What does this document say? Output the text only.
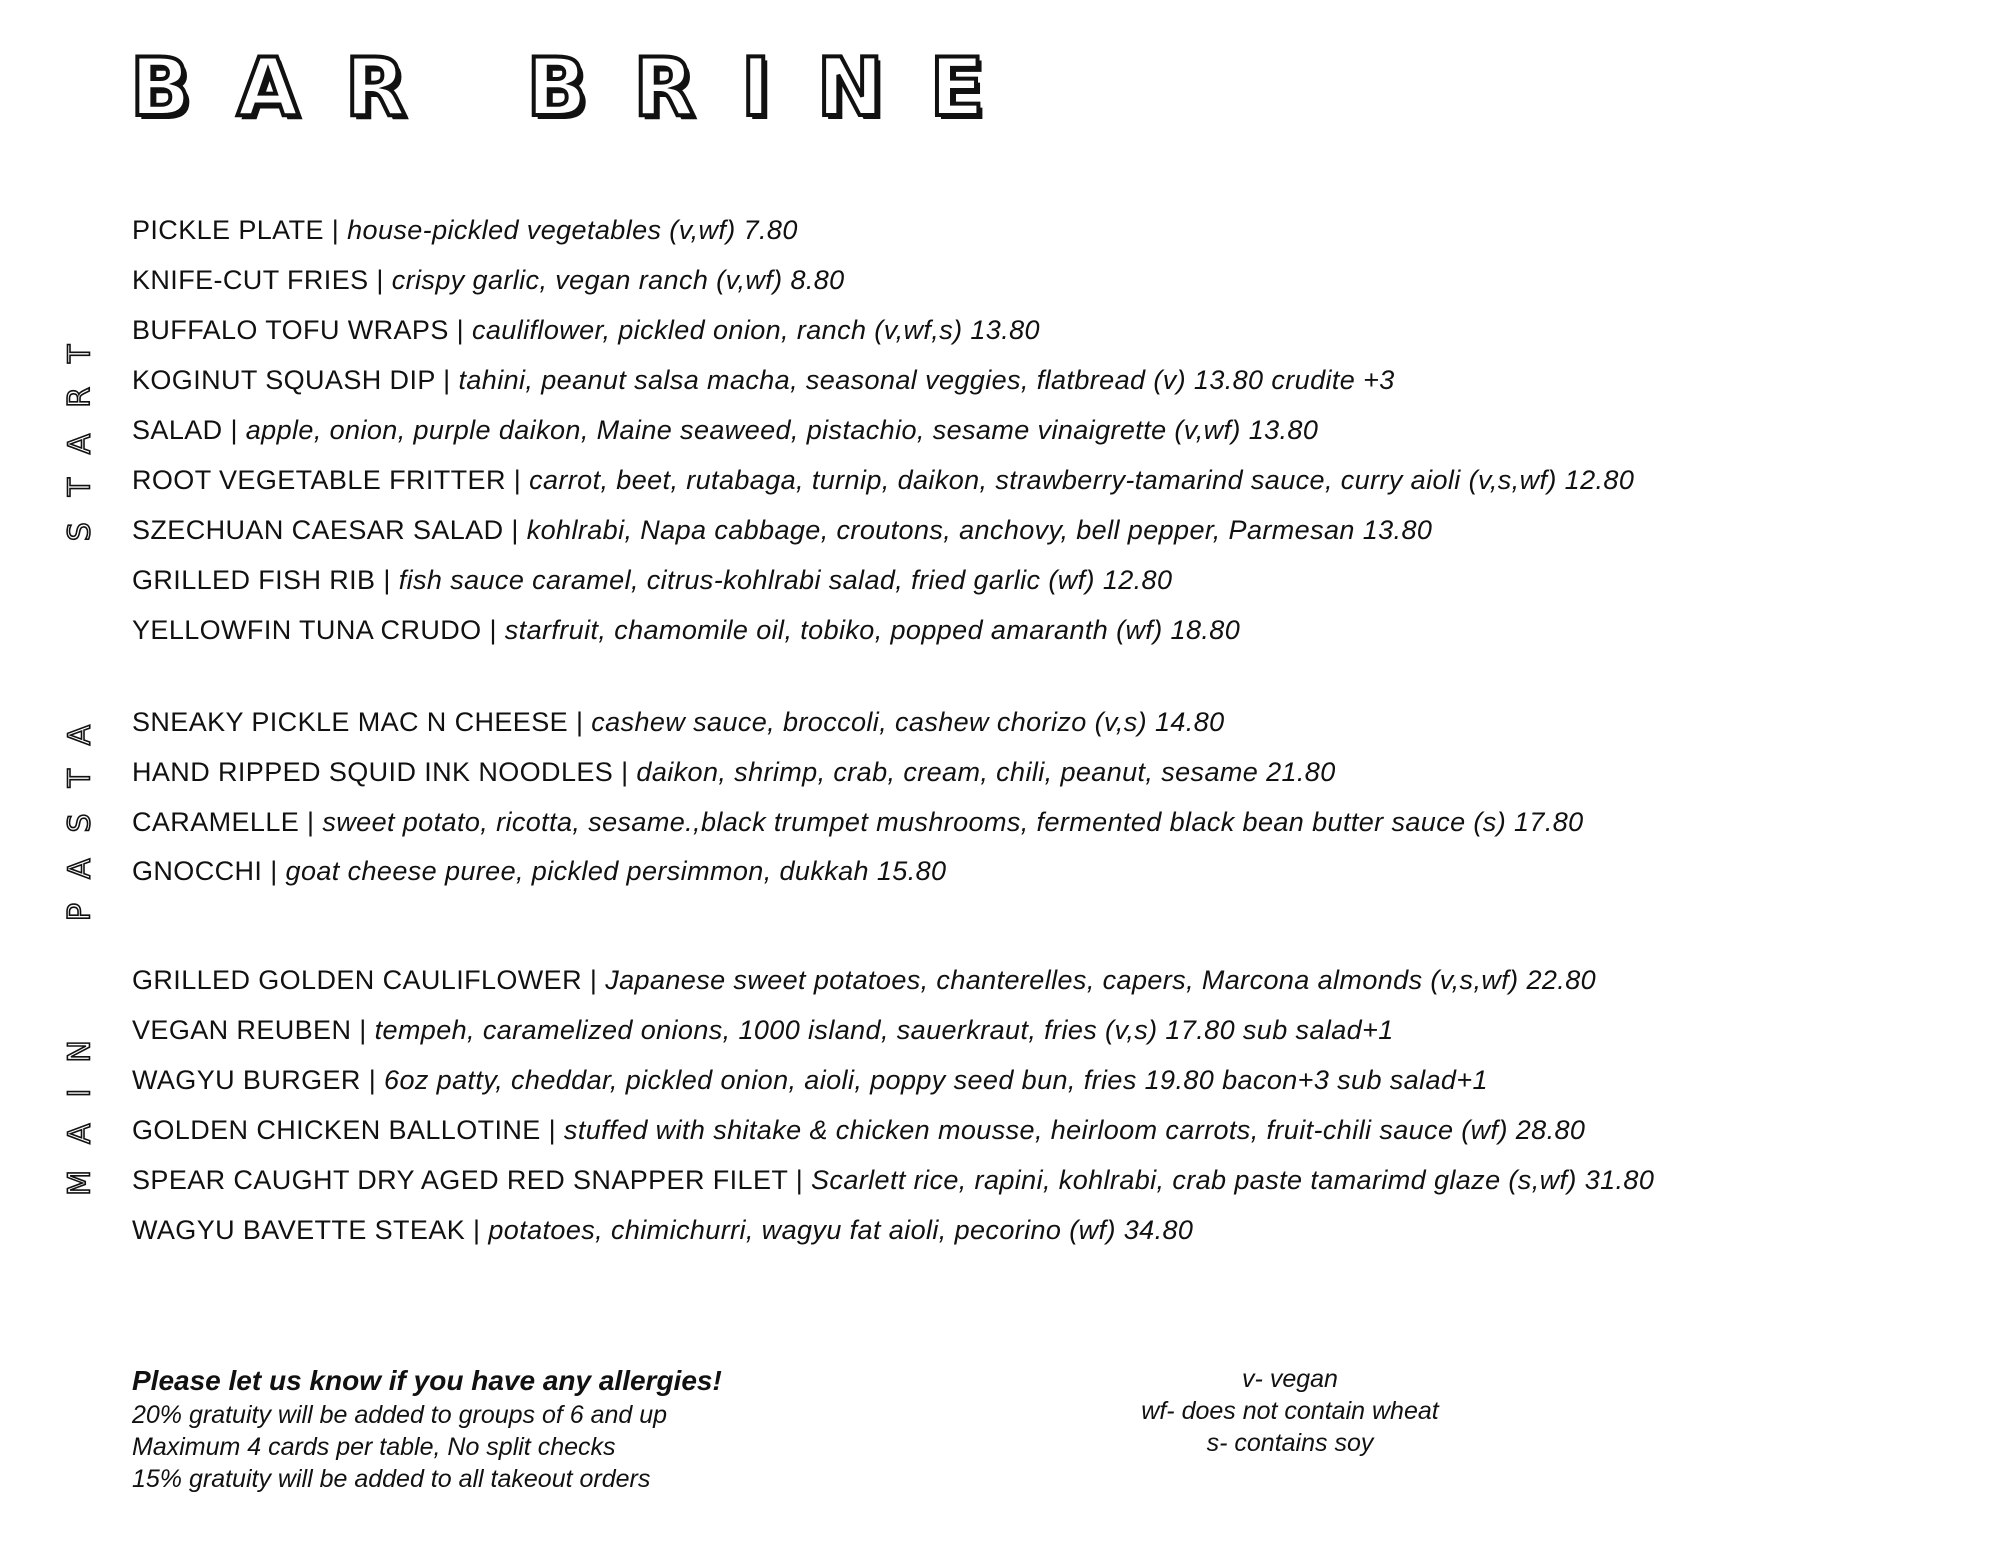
BAR BRINE
START
PASTA
MAIN
PICKLE PLATE | house-pickled vegetables (v,wf) 7.80
KNIFE-CUT FRIES | crispy garlic, vegan ranch (v,wf) 8.80
BUFFALO TOFU WRAPS | cauliflower, pickled onion, ranch (v,wf,s) 13.80
KOGINUT SQUASH DIP | tahini, peanut salsa macha, seasonal veggies, flatbread (v) 13.80 crudite +3
SALAD | apple, onion, purple daikon, Maine seaweed, pistachio, sesame vinaigrette (v,wf) 13.80
ROOT VEGETABLE FRITTER | carrot, beet, rutabaga, turnip, daikon, strawberry-tamarind sauce, curry aioli (v,s,wf) 12.80
SZECHUAN CAESAR SALAD | kohlrabi, Napa cabbage, croutons, anchovy, bell pepper, Parmesan 13.80
GRILLED FISH RIB | fish sauce caramel, citrus-kohlrabi salad, fried garlic (wf) 12.80
YELLOWFIN TUNA CRUDO | starfruit, chamomile oil, tobiko, popped amaranth (wf) 18.80
SNEAKY PICKLE MAC N CHEESE | cashew sauce, broccoli, cashew chorizo (v,s) 14.80
HAND RIPPED SQUID INK NOODLES | daikon, shrimp, crab, cream, chili, peanut, sesame 21.80
CARAMELLE | sweet potato, ricotta, sesame.,black trumpet mushrooms, fermented black bean butter sauce (s) 17.80
GNOCCHI | goat cheese puree, pickled persimmon, dukkah 15.80
GRILLED GOLDEN CAULIFLOWER | Japanese sweet potatoes, chanterelles, capers, Marcona almonds (v,s,wf) 22.80
VEGAN REUBEN | tempeh, caramelized onions, 1000 island, sauerkraut, fries (v,s) 17.80 sub salad+1
WAGYU BURGER | 6oz patty, cheddar, pickled onion, aioli, poppy seed bun, fries 19.80 bacon+3 sub salad+1
GOLDEN CHICKEN BALLOTINE | stuffed with shitake & chicken mousse, heirloom carrots, fruit-chili sauce (wf) 28.80
SPEAR CAUGHT DRY AGED RED SNAPPER FILET | Scarlett rice, rapini, kohlrabi, crab paste tamarimd glaze (s,wf) 31.80
WAGYU BAVETTE STEAK | potatoes, chimichurri, wagyu fat aioli, pecorino (wf) 34.80
Please let us know if you have any allergies!
20% gratuity will be added to groups of 6 and up
Maximum 4 cards per table, No split checks
15% gratuity will be added to all takeout orders
v- vegan
wf- does not contain wheat
s- contains soy
